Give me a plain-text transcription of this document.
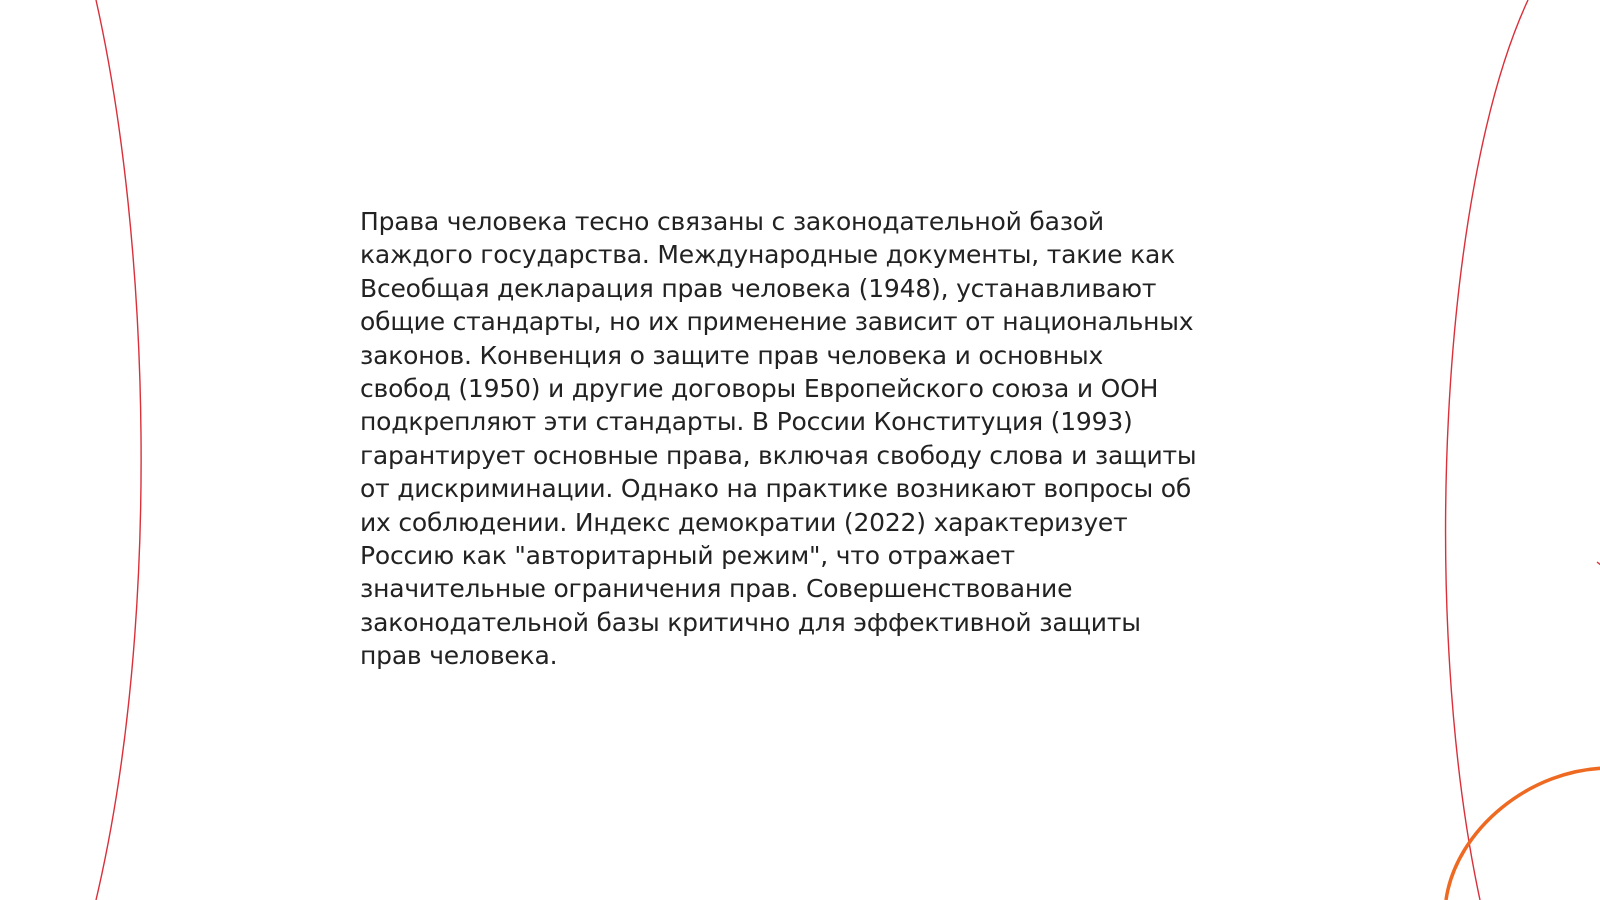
Права человека тесно связаны с законодательной базой
каждого государства. Международные документы, такие как
Всеобщая декларация прав человека (1948), устанавливают
общие стандарты, но их применение зависит от национальных
законов. Конвенция о защите прав человека и основных
свобод (1950) и другие договоры Европейского союза и ООН
подкрепляют эти стандарты. В России Конституция (1993)
гарантирует основные права, включая свободу слова и защиты
от дискриминации. Однако на практике возникают вопросы об
их соблюдении. Индекс демократии (2022) характеризует
Россию как "авторитарный режим", что отражает
значительные ограничения прав. Совершенствование
законодательной базы критично для эффективной защиты
прав человека.
